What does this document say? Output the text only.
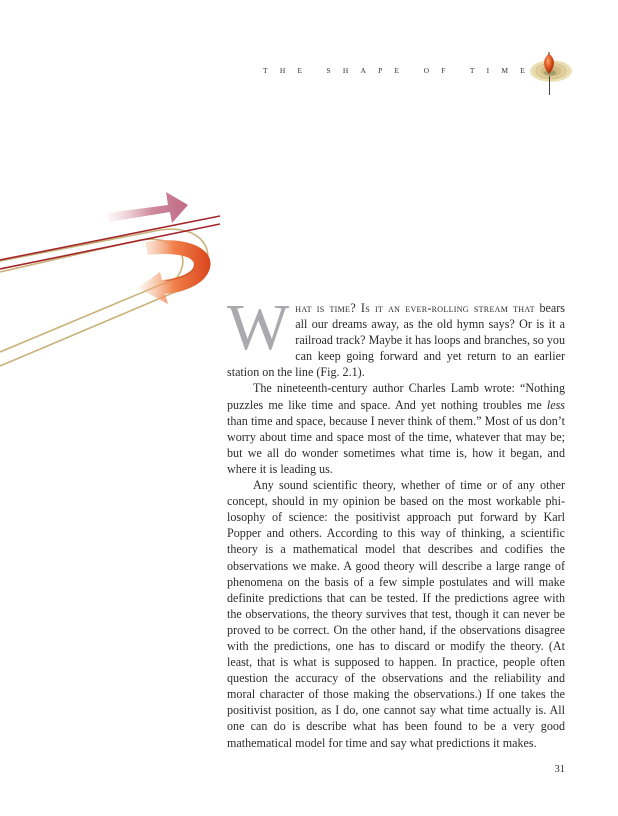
T H E	S H A P E	O F	T I M E

What is time? Is it an ever-rolling stream that bears all our dreams away, as the old hymn says? Or is it a railroad track? Maybe it has loops and branches, so you can keep going forward and yet return to an earlier station on the line (Fig. 2.1).

The nineteenth-century author Charles Lamb wrote: “Nothing puzzles me like time and space. And yet nothing troubles me less than time and space, because I never think of them.” Most of us don’t worry about time and space most of the time, whatever that may be; but we all do wonder sometimes what time is, how it began, and where it is leading us.

Any sound scientific theory, whether of time or of any other concept, should in my opinion be based on the most workable philosophy of science: the positivist approach put forward by Karl Popper and others. According to this way of thinking, a scientific theory is a mathematical model that describes and codifies the observations we make. A good theory will describe a large range of phenomena on the basis of a few simple postulates and will make definite predictions that can be tested. If the predictions agree with the observations, the theory survives that test, though it can never be proved to be correct. On the other hand, if the observations disagree with the predictions, one has to discard or modify the theory. (At least, that is what is supposed to happen. In practice, people often question the accuracy of the observations and the reliability and moral character of those making the observations.) If one takes the positivist position, as I do, one cannot say what time actually is. All one can do is describe what has been found to be a very good mathematical model for time and say what predictions it makes.

31
